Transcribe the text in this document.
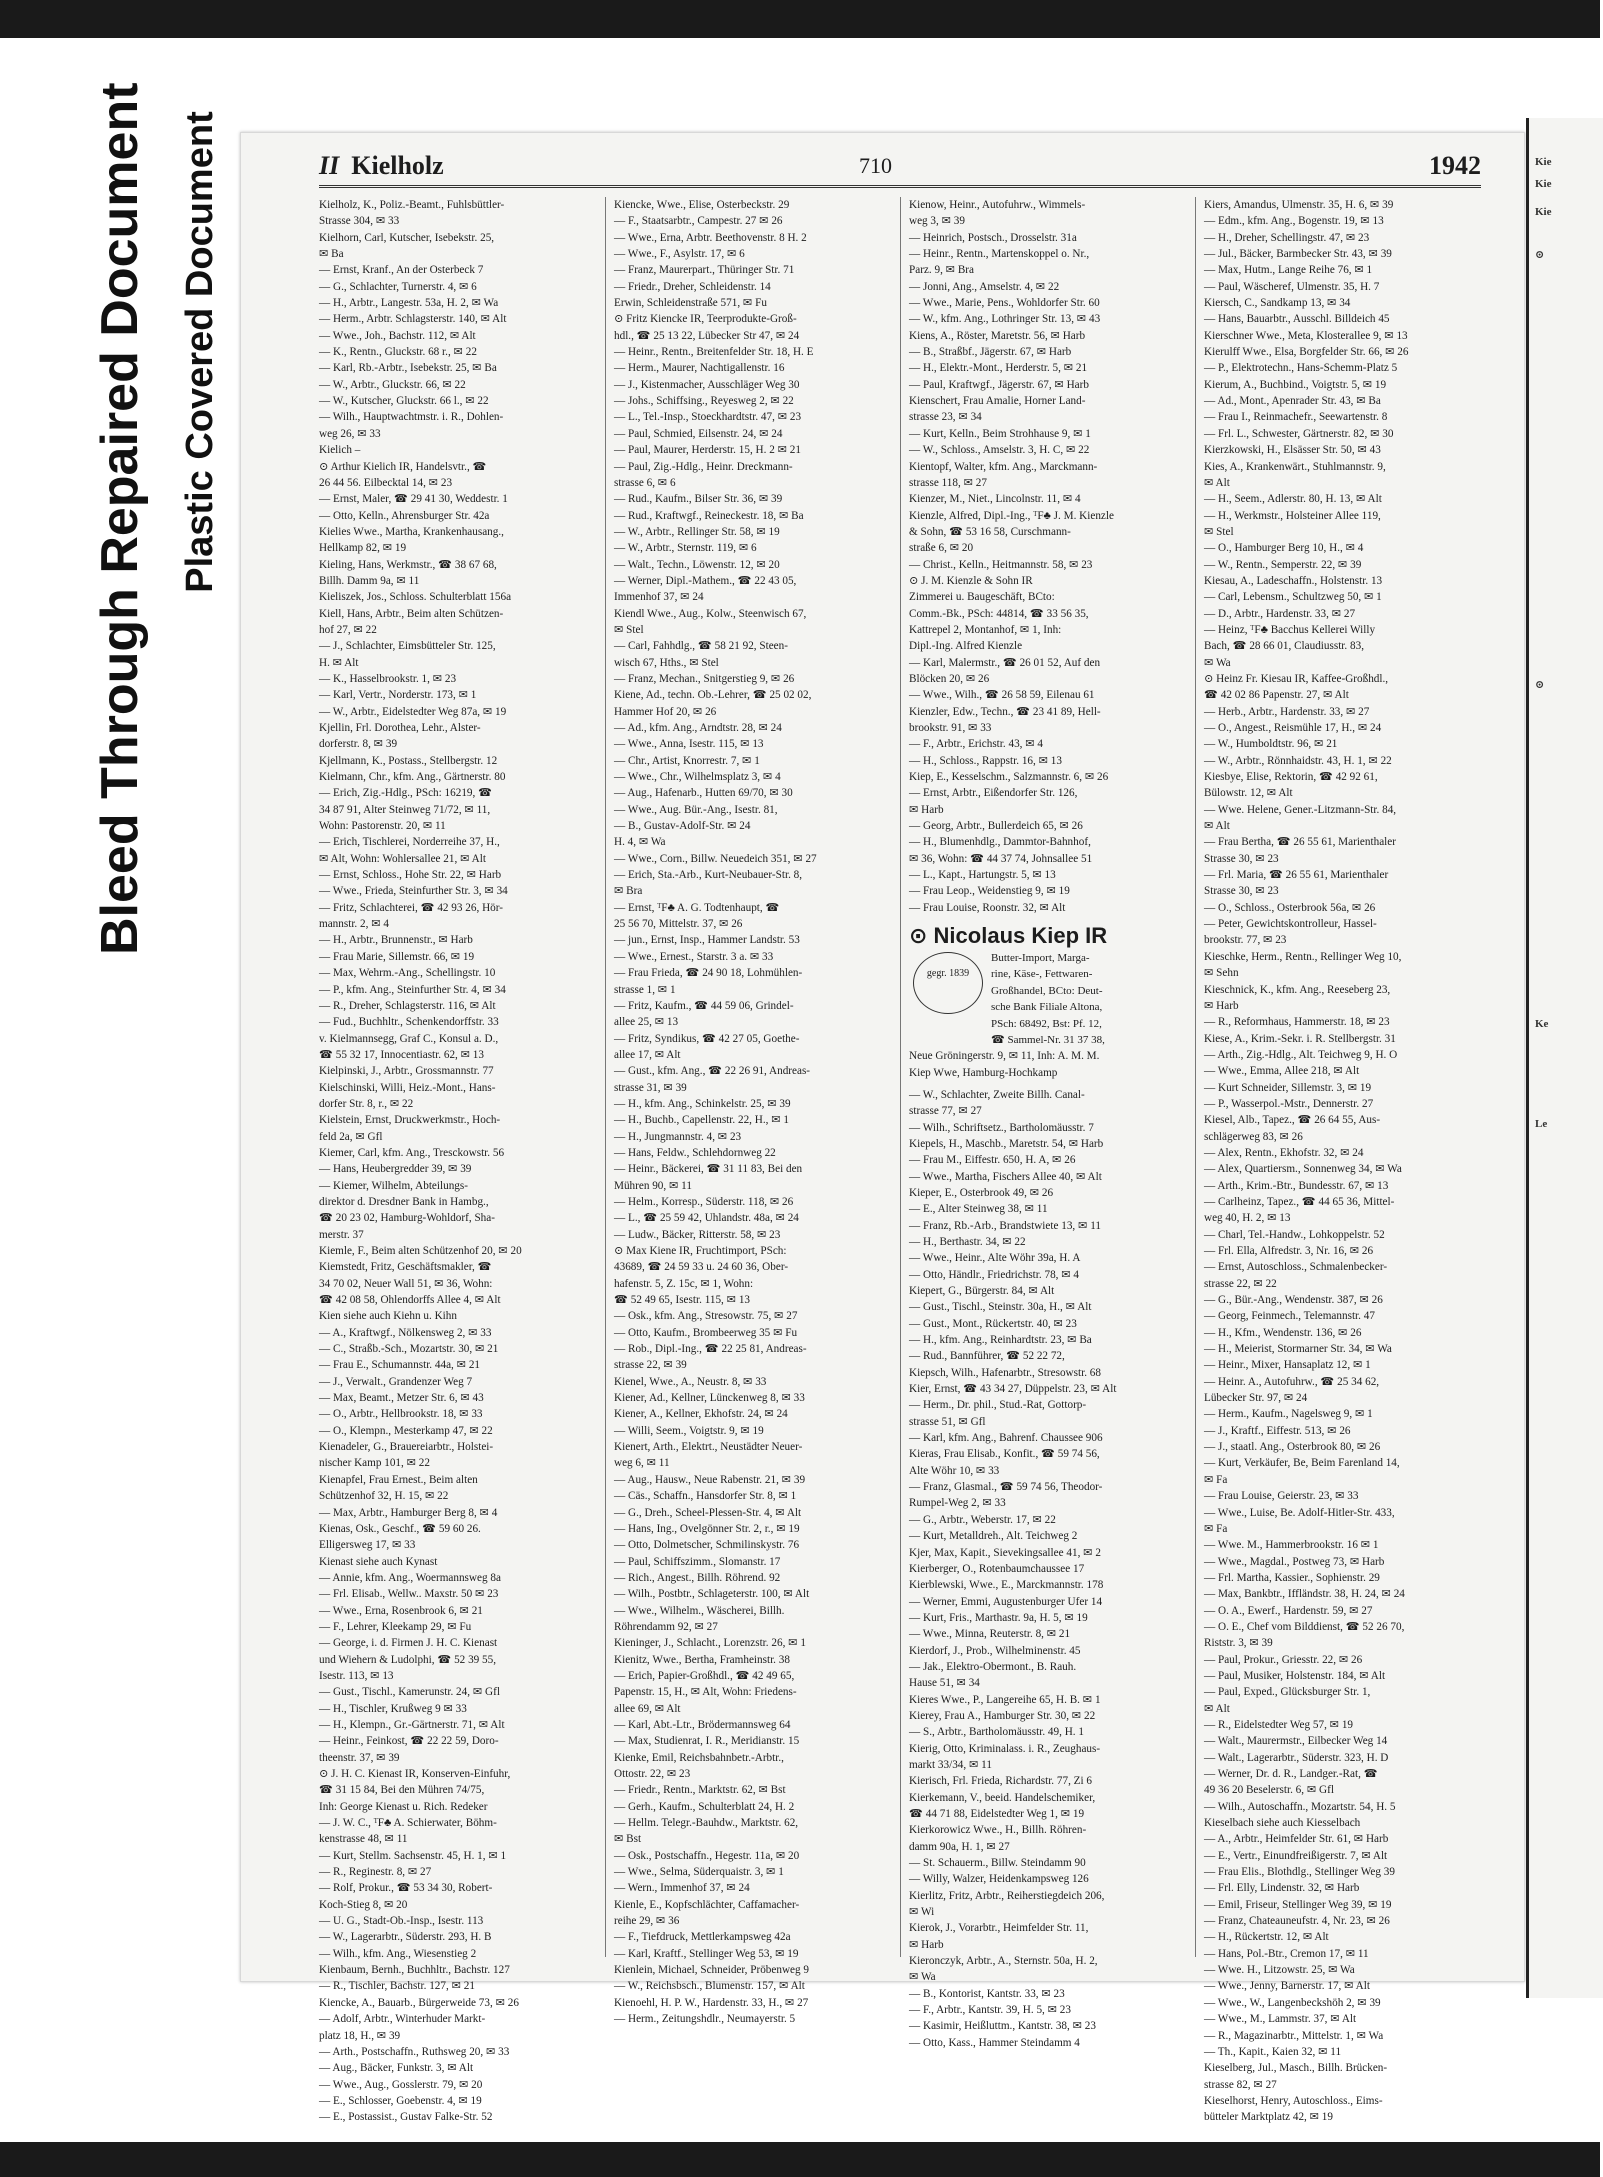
Bleed Through Repaired Document Plastic Covered Document	II Kielholz	710	1942
Kielholz, K., Poliz.-Beamt., Fuhlsbüttler-
Strasse 304, ✉ 33
Kielhorn, Carl, Kutscher, Isebekstr. 25,
✉ Ba
— Ernst, Kranf., An der Osterbeck 7
— G., Schlachter, Turnerstr. 4, ✉ 6
— H., Arbtr., Langestr. 53a, H. 2, ✉ Wa
— Herm., Arbtr. Schlagsterstr. 140, ✉ Alt
— Wwe., Joh., Bachstr. 112, ✉ Alt
— K., Rentn., Gluckstr. 68 r., ✉ 22
— Karl, Rb.-Arbtr., Isebekstr. 25, ✉ Ba
— W., Arbtr., Gluckstr. 66, ✉ 22
— W., Kutscher, Gluckstr. 66 l., ✉ 22
— Wilh., Hauptwachtmstr. i. R., Dohlen-
weg 26, ✉ 33
Kielich –
⊙ Arthur Kielich IR, Handelsvtr., ☎
26 44 56. Eilbecktal 14, ✉ 23
— Ernst, Maler, ☎ 29 41 30, Weddestr. 1
— Otto, Kelln., Ahrensburger Str. 42a
Kielies Wwe., Martha, Krankenhausang.,
Hellkamp 82, ✉ 19
Kieling, Hans, Werkmstr., ☎ 38 67 68,
Billh. Damm 9a, ✉ 11
Kieliszek, Jos., Schloss. Schulterblatt 156a
Kiell, Hans, Arbtr., Beim alten Schützen-
hof 27, ✉ 22
— J., Schlachter, Eimsbütteler Str. 125,
H. ✉ Alt
— K., Hasselbrookstr. 1, ✉ 23
— Karl, Vertr., Norderstr. 173, ✉ 1
— W., Arbtr., Eidelstedter Weg 87a, ✉ 19
Kjellin, Frl. Dorothea, Lehr., Alster-
dorferstr. 8, ✉ 39
Kjellmann, K., Postass., Stellbergstr. 12
Kielmann, Chr., kfm. Ang., Gärtnerstr. 80
— Erich, Zig.-Hdlg., PSch: 16219, ☎
34 87 91, Alter Steinweg 71/72, ✉ 11,
Wohn: Pastorenstr. 20, ✉ 11
— Erich, Tischlerei, Norderreihe 37, H.,
✉ Alt, Wohn: Wohlersallee 21, ✉ Alt
— Ernst, Schloss., Hohe Str. 22, ✉ Harb
— Wwe., Frieda, Steinfurther Str. 3, ✉ 34
— Fritz, Schlachterei, ☎ 42 93 26, Hör-
mannstr. 2, ✉ 4
— H., Arbtr., Brunnenstr., ✉ Harb
— Frau Marie, Sillemstr. 66, ✉ 19
— Max, Wehrm.-Ang., Schellingstr. 10
— P., kfm. Ang., Steinfurther Str. 4, ✉ 34
— R., Dreher, Schlagsterstr. 116, ✉ Alt
— Fud., Buchhltr., Schenkendorffstr. 33
v. Kielmannsegg, Graf C., Konsul a. D.,
☎ 55 32 17, Innocentiastr. 62, ✉ 13
Kielpinski, J., Arbtr., Grossmannstr. 77
Kielschinski, Willi, Heiz.-Mont., Hans-
dorfer Str. 8, r., ✉ 22
Kielstein, Ernst, Druckwerkmstr., Hoch-
feld 2a, ✉ Gfl
Kiemer, Carl, kfm. Ang., Tresckowstr. 56
— Hans, Heubergredder 39, ✉ 39
— Kiemer, Wilhelm, Abteilungs-
direktor d. Dresdner Bank in Hambg.,
☎ 20 23 02, Hamburg-Wohldorf, Sha-
merstr. 37
Kiemle, F., Beim alten Schützenhof 20, ✉ 20
Kiemstedt, Fritz, Geschäftsmakler, ☎
34 70 02, Neuer Wall 51, ✉ 36, Wohn:
☎ 42 08 58, Ohlendorffs Allee 4, ✉ Alt
Kien siehe auch Kiehn u. Kihn
— A., Kraftwgf., Nölkensweg 2, ✉ 33
— C., Straßb.-Sch., Mozartstr. 30, ✉ 21
— Frau E., Schumannstr. 44a, ✉ 21
— J., Verwalt., Grandenzer Weg 7
— Max, Beamt., Metzer Str. 6, ✉ 43
— O., Arbtr., Hellbrookstr. 18, ✉ 33
— O., Klempn., Mesterkamp 47, ✉ 22
Kienadeler, G., Brauereiarbtr., Holstei-
nischer Kamp 101, ✉ 22
Kienapfel, Frau Ernest., Beim alten
Schützenhof 32, H. 15, ✉ 22
— Max, Arbtr., Hamburger Berg 8, ✉ 4
Kienas, Osk., Geschf., ☎ 59 60 26.
Elligersweg 17, ✉ 33
Kienast siehe auch Kynast
— Annie, kfm. Ang., Woermannsweg 8a
— Frl. Elisab., Wellw.. Maxstr. 50 ✉ 23
— Wwe., Erna, Rosenbrook 6, ✉ 21
— F., Lehrer, Kleekamp 29, ✉ Fu
— George, i. d. Firmen J. H. C. Kienast
und Wiehern & Ludolphi, ☎ 52 39 55,
Isestr. 113, ✉ 13
— Gust., Tischl., Kamerunstr. 24, ✉ Gfl
— H., Tischler, Krußweg 9 ✉ 33
— H., Klempn., Gr.-Gärtnerstr. 71, ✉ Alt
— Heinr., Feinkost, ☎ 22 22 59, Doro-
theenstr. 37, ✉ 39
⊙ J. H. C. Kienast IR, Konserven-Einfuhr,
☎ 31 15 84, Bei den Mühren 74/75,
Inh: George Kienast u. Rich. Redeker
— J. W. C., ᵀF♣ A. Schierwater, Böhm-
kenstrasse 48, ✉ 11
— Kurt, Stellm. Sachsenstr. 45, H. 1, ✉ 1
— R., Reginestr. 8, ✉ 27
— Rolf, Prokur., ☎ 53 34 30, Robert-
Koch-Stieg 8, ✉ 20
— U. G., Stadt-Ob.-Insp., Isestr. 113
— W., Lagerarbtr., Süderstr. 293, H. B
— Wilh., kfm. Ang., Wiesenstieg 2
Kienbaum, Bernh., Buchhltr., Bachstr. 127
— R., Tischler, Bachstr. 127, ✉ 21
Kiencke, A., Bauarb., Bürgerweide 73, ✉ 26
— Adolf, Arbtr., Winterhuder Markt-
platz 18, H., ✉ 39
— Arth., Postschaffn., Ruthsweg 20, ✉ 33
— Aug., Bäcker, Funkstr. 3, ✉ Alt
— Wwe., Aug., Gosslerstr. 79, ✉ 20
— E., Schlosser, Goebenstr. 4, ✉ 19
— E., Postassist., Gustav Falke-Str. 52
Kiencke, Wwe., Elise, Osterbeckstr. 29
— F., Staatsarbtr., Campestr. 27 ✉ 26
— Wwe., Erna, Arbtr. Beethovenstr. 8 H. 2
— Wwe., F., Asylstr. 17, ✉ 6
— Franz, Maurerpart., Thüringer Str. 71
— Friedr., Dreher, Schleidenstr. 14
Erwin, Schleidenstraße 571, ✉ Fu
⊙ Fritz Kiencke IR, Teerprodukte-Groß-
hdl., ☎ 25 13 22, Lübecker Str 47, ✉ 24
— Heinr., Rentn., Breitenfelder Str. 18, H. E
— Herm., Maurer, Nachtigallenstr. 16
— J., Kistenmacher, Ausschläger Weg 30
— Johs., Schiffsing., Reyesweg 2, ✉ 22
— L., Tel.-Insp., Stoeckhardtstr. 47, ✉ 23
— Paul, Schmied, Eilsenstr. 24, ✉ 24
— Paul, Maurer, Herderstr. 15, H. 2 ✉ 21
— Paul, Zig.-Hdlg., Heinr. Dreckmann-
strasse 6, ✉ 6
— Rud., Kaufm., Bilser Str. 36, ✉ 39
— Rud., Kraftwgf., Reineckestr. 18, ✉ Ba
— W., Arbtr., Rellinger Str. 58, ✉ 19
— W., Arbtr., Sternstr. 119, ✉ 6
— Walt., Techn., Löwenstr. 12, ✉ 20
— Werner, Dipl.-Mathem., ☎ 22 43 05,
Immenhof 37, ✉ 24
Kiendl Wwe., Aug., Kolw., Steenwisch 67,
✉ Stel
— Carl, Fahhdlg., ☎ 58 21 92, Steen-
wisch 67, Hths., ✉ Stel
— Franz, Mechan., Snitgerstieg 9, ✉ 26
Kiene, Ad., techn. Ob.-Lehrer, ☎ 25 02 02,
Hammer Hof 20, ✉ 26
— Ad., kfm. Ang., Arndtstr. 28, ✉ 24
— Wwe., Anna, Isestr. 115, ✉ 13
— Chr., Artist, Knorrestr. 7, ✉ 1
— Wwe., Chr., Wilhelmsplatz 3, ✉ 4
— Aug., Hafenarb., Hutten 69/70, ✉ 30
— Wwe., Aug. Bür.-Ang., Isestr. 81,
— B., Gustav-Adolf-Str. ✉ 24
H. 4, ✉ Wa
— Wwe., Corn., Billw. Neuedeich 351, ✉ 27
— Erich, Sta.-Arb., Kurt-Neubauer-Str. 8,
✉ Bra
— Ernst, ᵀF♣ A. G. Todtenhaupt, ☎
25 56 70, Mittelstr. 37, ✉ 26
— jun., Ernst, Insp., Hammer Landstr. 53
— Wwe., Ernest., Starstr. 3 a. ✉ 33
— Frau Frieda, ☎ 24 90 18, Lohmühlen-
strasse 1, ✉ 1
— Fritz, Kaufm., ☎ 44 59 06, Grindel-
allee 25, ✉ 13
— Fritz, Syndikus, ☎ 42 27 05, Goethe-
allee 17, ✉ Alt
— Gust., kfm. Ang., ☎ 22 26 91, Andreas-
strasse 31, ✉ 39
— H., kfm. Ang., Schinkelstr. 25, ✉ 39
— H., Buchb., Capellenstr. 22, H., ✉ 1
— H., Jungmannstr. 4, ✉ 23
— Hans, Feldw., Schlehdornweg 22
— Heinr., Bäckerei, ☎ 31 11 83, Bei den
Mühren 90, ✉ 11
— Helm., Korresp., Süderstr. 118, ✉ 26
— L., ☎ 25 59 42, Uhlandstr. 48a, ✉ 24
— Ludw., Bäcker, Ritterstr. 58, ✉ 23
⊙ Max Kiene IR, Fruchtimport, PSch:
43689, ☎ 24 59 33 u. 24 60 36, Ober-
hafenstr. 5, Z. 15c, ✉ 1, Wohn:
☎ 52 49 65, Isestr. 115, ✉ 13
— Osk., kfm. Ang., Stresowstr. 75, ✉ 27
— Otto, Kaufm., Brombeerweg 35 ✉ Fu
— Rob., Dipl.-Ing., ☎ 22 25 81, Andreas-
strasse 22, ✉ 39
Kienel, Wwe., A., Neustr. 8, ✉ 33
Kiener, Ad., Kellner, Lünckenweg 8, ✉ 33
Kiener, A., Kellner, Ekhofstr. 24, ✉ 24
— Willi, Seem., Voigtstr. 9, ✉ 19
Kienert, Arth., Elektrt., Neustädter Neuer-
weg 6, ✉ 11
— Aug., Hausw., Neue Rabenstr. 21, ✉ 39
— Cäs., Schaffn., Hansdorfer Str. 8, ✉ 1
— G., Dreh., Scheel-Plessen-Str. 4, ✉ Alt
— Hans, Ing., Ovelgönner Str. 2, r., ✉ 19
— Otto, Dolmetscher, Schmilinskystr. 76
— Paul, Schiffszimm., Slomanstr. 17
— Rich., Angest., Billh. Röhrend. 92
— Wilh., Postbtr., Schlageterstr. 100, ✉ Alt
— Wwe., Wilhelm., Wäscherei, Billh.
Röhrendamm 92, ✉ 27
Kieninger, J., Schlacht., Lorenzstr. 26, ✉ 1
Kienitz, Wwe., Bertha, Framheinstr. 38
— Erich, Papier-Großhdl., ☎ 42 49 65,
Papenstr. 15, H., ✉ Alt, Wohn: Friedens-
allee 69, ✉ Alt
— Karl, Abt.-Ltr., Brödermannsweg 64
— Max, Studienrat, I. R., Meridianstr. 15
Kienke, Emil, Reichsbahnbetr.-Arbtr.,
Ottostr. 22, ✉ 23
— Friedr., Rentn., Marktstr. 62, ✉ Bst
— Gerh., Kaufm., Schulterblatt 24, H. 2
— Hellm. Telegr.-Bauhdw., Marktstr. 62,
✉ Bst
— Osk., Postschaffn., Hegestr. 11a, ✉ 20
— Wwe., Selma, Süderquaistr. 3, ✉ 1
— Wern., Immenhof 37, ✉ 24
Kienle, E., Kopfschlächter, Caffamacher-
reihe 29, ✉ 36
— F., Tiefdruck, Mettlerkampsweg 42a
— Karl, Kraftf., Stellinger Weg 53, ✉ 19
Kienlein, Michael, Schneider, Pröbenweg 9
— W., Reichsbsch., Blumenstr. 157, ✉ Alt
Kienoehl, H. P. W., Hardenstr. 33, H., ✉ 27
— Herm., Zeitungshdlr., Neumayerstr. 5
Kienow, Heinr., Autofuhrw., Wimmels-
weg 3, ✉ 39
— Heinrich, Postsch., Drosselstr. 31a
— Heinr., Rentn., Martenskoppel o. Nr.,
Parz. 9, ✉ Bra
— Jonni, Ang., Amselstr. 4, ✉ 22
— Wwe., Marie, Pens., Wohldorfer Str. 60
— W., kfm. Ang., Lothringer Str. 13, ✉ 43
Kiens, A., Röster, Maretstr. 56, ✉ Harb
— B., Straßbf., Jägerstr. 67, ✉ Harb
— H., Elektr.-Mont., Herderstr. 5, ✉ 21
— Paul, Kraftwgf., Jägerstr. 67, ✉ Harb
Kienschert, Frau Amalie, Horner Land-
strasse 23, ✉ 34
— Kurt, Kelln., Beim Strohhause 9, ✉ 1
— W., Schloss., Amselstr. 3, H. C, ✉ 22
Kientopf, Walter, kfm. Ang., Marckmann-
strasse 118, ✉ 27
Kienzer, M., Niet., Lincolnstr. 11, ✉ 4
Kienzle, Alfred, Dipl.-Ing., ᵀF♣ J. M. Kienzle
& Sohn, ☎ 53 16 58, Curschmann-
straße 6, ✉ 20
— Christ., Kelln., Heitmannstr. 58, ✉ 23
⊙ J. M. Kienzle & Sohn IR
Zimmerei u. Baugeschäft, BCto:
Comm.-Bk., PSch: 44814, ☎ 33 56 35,
Kattrepel 2, Montanhof, ✉ 1, Inh:
Dipl.-Ing. Alfred Kienzle
— Karl, Malermstr., ☎ 26 01 52, Auf den
Blöcken 20, ✉ 26
— Wwe., Wilh., ☎ 26 58 59, Eilenau 61
Kienzler, Edw., Techn., ☎ 23 41 89, Hell-
brookstr. 91, ✉ 33
— F., Arbtr., Erichstr. 43, ✉ 4
— H., Schloss., Rappstr. 16, ✉ 13
Kiep, E., Kesselschm., Salzmannstr. 6, ✉ 26
— Ernst, Arbtr., Eißendorfer Str. 126,
✉ Harb
— Georg, Arbtr., Bullerdeich 65, ✉ 26
— H., Blumenhdlg., Dammtor-Bahnhof,
✉ 36, Wohn: ☎ 44 37 74, Johnsallee 51
— L., Kapt., Hartungstr. 5, ✉ 13
— Frau Leop., Weidenstieg 9, ✉ 19
— Frau Louise, Roonstr. 32, ✉ Alt
⊙ Nicolaus Kiep IR
gegr. 1839
Butter-Import, Marga-
rine, Käse-, Fettwaren-
Großhandel, BCto: Deut-
sche Bank Filiale Altona,
PSch: 68492, Bst: Pf. 12,
☎ Sammel-Nr. 31 37 38,
Neue Gröningerstr. 9, ✉ 11, Inh: A. M. M.
Kiep Wwe, Hamburg-Hochkamp
— W., Schlachter, Zweite Billh. Canal-
strasse 77, ✉ 27
— Wilh., Schriftsetz., Bartholomäusstr. 7
Kiepels, H., Maschb., Maretstr. 54, ✉ Harb
— Frau M., Eiffestr. 650, H. A, ✉ 26
— Wwe., Martha, Fischers Allee 40, ✉ Alt
Kieper, E., Osterbrook 49, ✉ 26
— E., Alter Steinweg 38, ✉ 11
— Franz, Rb.-Arb., Brandstwiete 13, ✉ 11
— H., Berthastr. 34, ✉ 22
— Wwe., Heinr., Alte Wöhr 39a, H. A
— Otto, Händlr., Friedrichstr. 78, ✉ 4
Kiepert, G., Bürgerstr. 84, ✉ Alt
— Gust., Tischl., Steinstr. 30a, H., ✉ Alt
— Gust., Mont., Rückertstr. 40, ✉ 23
— H., kfm. Ang., Reinhardtstr. 23, ✉ Ba
— Rud., Bannführer, ☎ 52 22 72,
Kiepsch, Wilh., Hafenarbtr., Stresowstr. 68
Kier, Ernst, ☎ 43 34 27, Düppelstr. 23, ✉ Alt
— Herm., Dr. phil., Stud.-Rat, Gottorp-
strasse 51, ✉ Gfl
— Karl, kfm. Ang., Bahrenf. Chaussee 906
Kieras, Frau Elisab., Konfit., ☎ 59 74 56,
Alte Wöhr 10, ✉ 33
— Franz, Glasmal., ☎ 59 74 56, Theodor-
Rumpel-Weg 2, ✉ 33
— G., Arbtr., Weberstr. 17, ✉ 22
— Kurt, Metalldreh., Alt. Teichweg 2
Kjer, Max, Kapit., Sievekingsallee 41, ✉ 2
Kierberger, O., Rotenbaumchaussee 17
Kierblewski, Wwe., E., Marckmannstr. 178
— Werner, Emmi, Augustenburger Ufer 14
— Kurt, Fris., Marthastr. 9a, H. 5, ✉ 19
— Wwe., Minna, Reuterstr. 8, ✉ 21
Kierdorf, J., Prob., Wilhelminenstr. 45
— Jak., Elektro-Obermont., B. Rauh.
Hause 51, ✉ 34
Kieres Wwe., P., Langereihe 65, H. B. ✉ 1
Kierey, Frau A., Hamburger Str. 30, ✉ 22
— S., Arbtr., Bartholomäusstr. 49, H. 1
Kierig, Otto, Kriminalass. i. R., Zeughaus-
markt 33/34, ✉ 11
Kierisch, Frl. Frieda, Richardstr. 77, Zi 6
Kierkemann, V., beeid. Handelschemiker,
☎ 44 71 88, Eidelstedter Weg 1, ✉ 19
Kierkorowicz Wwe., H., Billh. Röhren-
damm 90a, H. 1, ✉ 27
— St. Schauerm., Billw. Steindamm 90
— Willy, Walzer, Heidenkampsweg 126
Kierlitz, Fritz, Arbtr., Reiherstiegdeich 206,
✉ Wi
Kierok, J., Vorarbtr., Heimfelder Str. 11,
✉ Harb
Kieronczyk, Arbtr., A., Sternstr. 50a, H. 2,
✉ Wa
— B., Kontorist, Kantstr. 33, ✉ 23
— F., Arbtr., Kantstr. 39, H. 5, ✉ 23
— Kasimir, Heißluttm., Kantstr. 38, ✉ 23
— Otto, Kass., Hammer Steindamm 4
Kiers, Amandus, Ulmenstr. 35, H. 6, ✉ 39
— Edm., kfm. Ang., Bogenstr. 19, ✉ 13
— H., Dreher, Schellingstr. 47, ✉ 23
— Jul., Bäcker, Barmbecker Str. 43, ✉ 39
— Max, Hutm., Lange Reihe 76, ✉ 1
— Paul, Wäscheref, Ulmenstr. 35, H. 7
Kiersch, C., Sandkamp 13, ✉ 34
— Hans, Bauarbtr., Ausschl. Billdeich 45
Kierschner Wwe., Meta, Klosterallee 9, ✉ 13
Kierulff Wwe., Elsa, Borgfelder Str. 66, ✉ 26
— P., Elektrotechn., Hans-Schemm-Platz 5
Kierum, A., Buchbind., Voigtstr. 5, ✉ 19
— Ad., Mont., Apenrader Str. 43, ✉ Ba
— Frau I., Reinmachefr., Seewartenstr. 8
— Frl. L., Schwester, Gärtnerstr. 82, ✉ 30
Kierzkowski, H., Elsässer Str. 50, ✉ 43
Kies, A., Krankenwärt., Stuhlmannstr. 9,
✉ Alt
— H., Seem., Adlerstr. 80, H. 13, ✉ Alt
— H., Werkmstr., Holsteiner Allee 119,
✉ Stel
— O., Hamburger Berg 10, H., ✉ 4
— W., Rentn., Semperstr. 22, ✉ 39
Kiesau, A., Ladeschaffn., Holstenstr. 13
— Carl, Lebensm., Schultzweg 50, ✉ 1
— D., Arbtr., Hardenstr. 33, ✉ 27
— Heinz, ᵀF♣ Bacchus Kellerei Willy
Bach, ☎ 28 66 01, Claudiusstr. 83,
✉ Wa
⊙ Heinz Fr. Kiesau IR, Kaffee-Großhdl.,
☎ 42 02 86 Papenstr. 27, ✉ Alt
— Herb., Arbtr., Hardenstr. 33, ✉ 27
— O., Angest., Reismühle 17, H., ✉ 24
— W., Humboldtstr. 96, ✉ 21
— W., Arbtr., Rönnhaidstr. 43, H. 1, ✉ 22
Kiesbye, Elise, Rektorin, ☎ 42 92 61,
Bülowstr. 12, ✉ Alt
— Wwe. Helene, Gener.-Litzmann-Str. 84,
✉ Alt
— Frau Bertha, ☎ 26 55 61, Marienthaler
Strasse 30, ✉ 23
— Frl. Maria, ☎ 26 55 61, Marienthaler
Strasse 30, ✉ 23
— O., Schloss., Osterbrook 56a, ✉ 26
— Peter, Gewichtskontrolleur, Hassel-
brookstr. 77, ✉ 23
Kieschke, Herm., Rentn., Rellinger Weg 10,
✉ Sehn
Kieschnick, K., kfm. Ang., Reeseberg 23,
✉ Harb
— R., Reformhaus, Hammerstr. 18, ✉ 23
Kiese, A., Krim.-Sekr. i. R. Stellbergstr. 31
— Arth., Zig.-Hdlg., Alt. Teichweg 9, H. O
— Wwe., Emma, Allee 218, ✉ Alt
— Kurt Schneider, Sillemstr. 3, ✉ 19
— P., Wasserpol.-Mstr., Dennerstr. 27
Kiesel, Alb., Tapez., ☎ 26 64 55, Aus-
schlägerweg 83, ✉ 26
— Alex, Rentn., Ekhofstr. 32, ✉ 24
— Alex, Quartiersm., Sonnenweg 34, ✉ Wa
— Arth., Krim.-Btr., Bundesstr. 67, ✉ 13
— Carlheinz, Tapez., ☎ 44 65 36, Mittel-
weg 40, H. 2, ✉ 13
— Charl, Tel.-Handw., Lohkoppelstr. 52
— Frl. Ella, Alfredstr. 3, Nr. 16, ✉ 26
— Ernst, Autoschloss., Schmalenbecker-
strasse 22, ✉ 22
— G., Bür.-Ang., Wendenstr. 387, ✉ 26
— Georg, Feinmech., Telemannstr. 47
— H., Kfm., Wendenstr. 136, ✉ 26
— H., Meierist, Stormarner Str. 34, ✉ Wa
— Heinr., Mixer, Hansaplatz 12, ✉ 1
— Heinr. A., Autofuhrw., ☎ 25 34 62,
Lübecker Str. 97, ✉ 24
— Herm., Kaufm., Nagelsweg 9, ✉ 1
— J., Kraftf., Eiffestr. 513, ✉ 26
— J., staatl. Ang., Osterbrook 80, ✉ 26
— Kurt, Verkäufer, Be, Beim Farenland 14,
✉ Fa
— Frau Louise, Geierstr. 23, ✉ 33
— Wwe., Luise, Be. Adolf-Hitler-Str. 433,
✉ Fa
— Wwe. M., Hammerbrookstr. 16 ✉ 1
— Wwe., Magdal., Postweg 73, ✉ Harb
— Frl. Martha, Kassier., Sophienstr. 29
— Max, Bankbtr., Iffländstr. 38, H. 24, ✉ 24
— O. A., Ewerf., Hardenstr. 59, ✉ 27
— O. E., Chef vom Bilddienst, ☎ 52 26 70,
Riststr. 3, ✉ 39
— Paul, Prokur., Griesstr. 22, ✉ 26
— Paul, Musiker, Holstenstr. 184, ✉ Alt
— Paul, Exped., Glücksburger Str. 1,
✉ Alt
— R., Eidelstedter Weg 57, ✉ 19
— Walt., Maurermstr., Eilbecker Weg 14
— Walt., Lagerarbtr., Süderstr. 323, H. D
— Werner, Dr. d. R., Landger.-Rat, ☎
49 36 20 Beselerstr. 6, ✉ Gfl
— Wilh., Autoschaffn., Mozartstr. 54, H. 5
Kieselbach siehe auch Kiesselbach
— A., Arbtr., Heimfelder Str. 61, ✉ Harb
— E., Vertr., Einundfreißigerstr. 7, ✉ Alt
— Frau Elis., Blothdlg., Stellinger Weg 39
— Frl. Elly, Lindenstr. 32, ✉ Harb
— Emil, Friseur, Stellinger Weg 39, ✉ 19
— Franz, Chateauneufstr. 4, Nr. 23, ✉ 26
— H., Rückertstr. 12, ✉ Alt
— Hans, Pol.-Btr., Cremon 17, ✉ 11
— Wwe. H., Litzowstr. 25, ✉ Wa
— Wwe., Jenny, Barnerstr. 17, ✉ Alt
— Wwe., W., Langenbeckshöh 2, ✉ 39
— Wwe., M., Lammstr. 37, ✉ Alt
— R., Magazinarbtr., Mittelstr. 1, ✉ Wa
— Th., Kapit., Kaien 32, ✉ 11
Kieselberg, Jul., Masch., Billh. Brücken-
strasse 82, ✉ 27
Kieselhorst, Henry, Autoschloss., Eims-
bütteler Marktplatz 42, ✉ 19
Kie
Kie
Kie
⊙
⊙
Ke
Le
